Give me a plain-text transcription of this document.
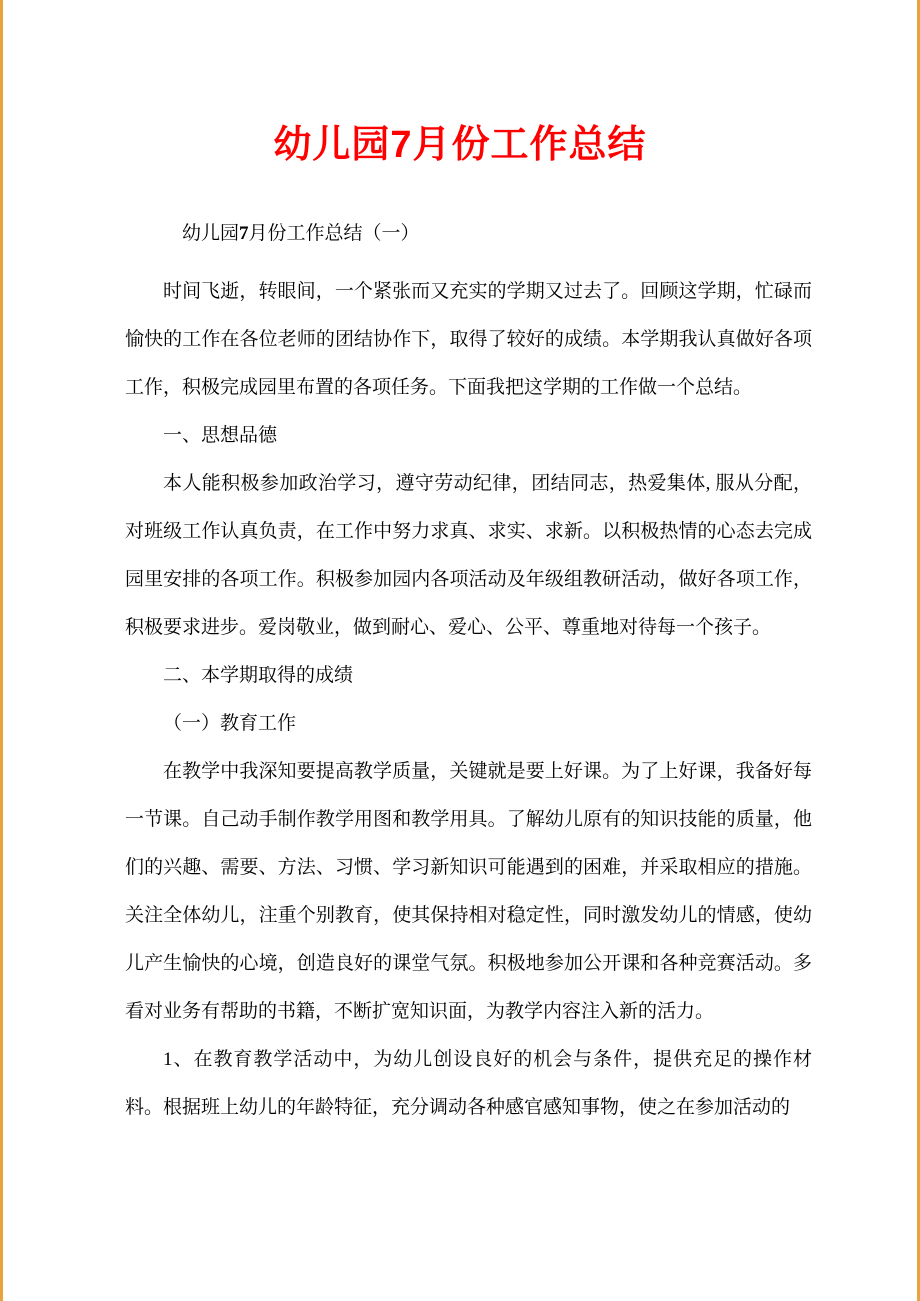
幼儿园7月份工作总结

幼儿园7月份工作总结（一）

时间飞逝，转眼间，一个紧张而又充实的学期又过去了。回顾这学期，忙碌而愉快的工作在各位老师的团结协作下，取得了较好的成绩。本学期我认真做好各项工作，积极完成园里布置的各项任务。下面我把这学期的工作做一个总结。

一、思想品德

本人能积极参加政治学习，遵守劳动纪律，团结同志，热爱集体, 服从分配，对班级工作认真负责，在工作中努力求真、求实、求新。以积极热情的心态去完成园里安排的各项工作。积极参加园内各项活动及年级组教研活动，做好各项工作，积极要求进步。爱岗敬业，做到耐心、爱心、公平、尊重地对待每一个孩子。

二、本学期取得的成绩

（一）教育工作

在教学中我深知要提高教学质量，关键就是要上好课。为了上好课，我备好每一节课。自己动手制作教学用图和教学用具。了解幼儿原有的知识技能的质量，他们的兴趣、需要、方法、习惯、学习新知识可能遇到的困难，并采取相应的措施。关注全体幼儿，注重个别教育，使其保持相对稳定性，同时激发幼儿的情感，使幼儿产生愉快的心境，创造良好的课堂气氛。积极地参加公开课和各种竞赛活动。多看对业务有帮助的书籍，不断扩宽知识面，为教学内容注入新的活力。

1、在教育教学活动中，为幼儿创设良好的机会与条件，提供充足的操作材料。根据班上幼儿的年龄特征，充分调动各种感官感知事物，使之在参加活动的
